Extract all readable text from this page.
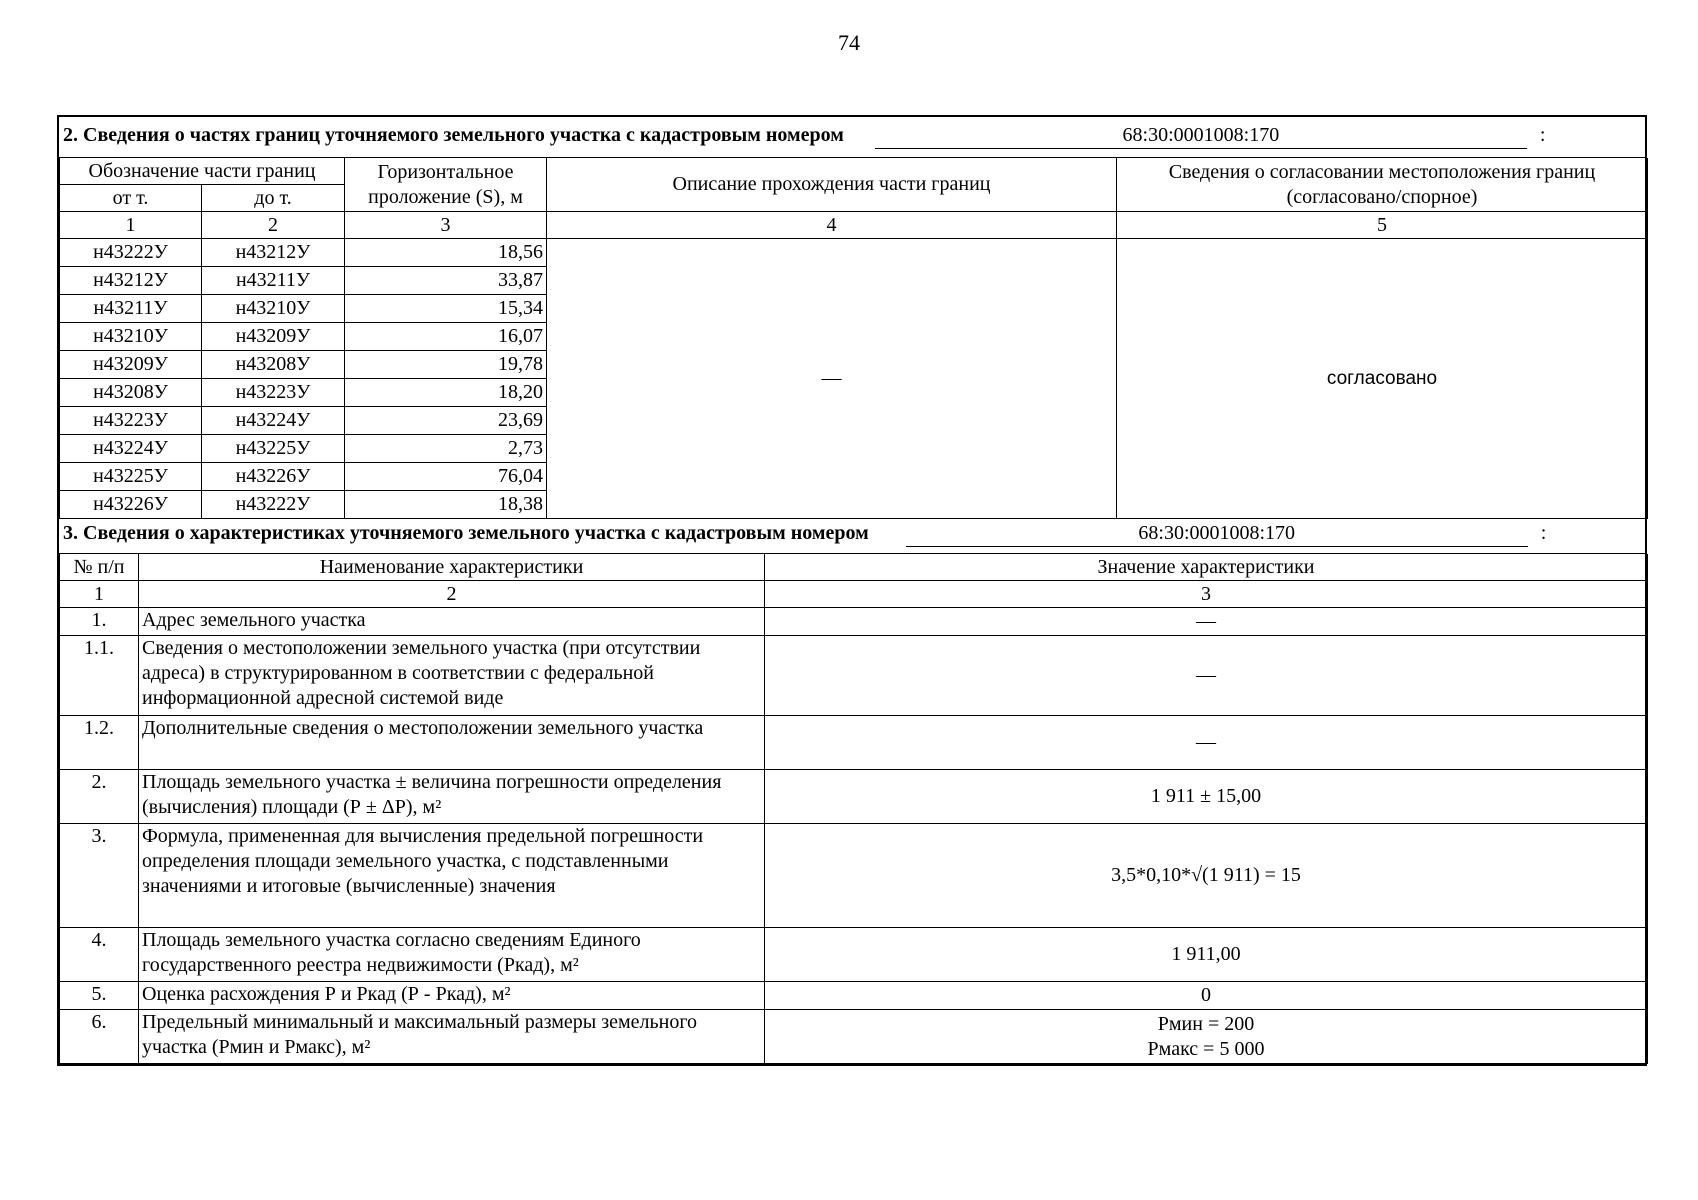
74
2. Сведения о частях границ уточняемого земельного участка с кадастровым номером	68:30:0001008:170	:
Обозначение части границ		Горизонтальное проложение (S), м	Описание прохождения части границ	Сведения о согласовании местоположения границ (согласовано/спорное)
от т.	до т.			
1	2	3	4	5
н43222У	н43212У	18,56	—	согласовано
н43212У	н43211У	33,87		
н43211У	н43210У	15,34		
н43210У	н43209У	16,07		
н43209У	н43208У	19,78		
н43208У	н43223У	18,20		
н43223У	н43224У	23,69		
н43224У	н43225У	2,73		
н43225У	н43226У	76,04		
н43226У	н43222У	18,38		
3. Сведения о характеристиках уточняемого земельного участка с кадастровым номером	68:30:0001008:170	:
№ п/п	Наименование характеристики	Значение характеристики
1	2	3
1.	Адрес земельного участка	—
1.1.	Сведения о местоположении земельного участка (при отсутствии адреса) в структурированном в соответствии с федеральной информационной адресной системой виде	—
1.2.	Дополнительные сведения о местоположении земельного участка	—
2.	Площадь земельного участка ± величина погрешности определения (вычисления) площади (Р ± ΔР), м²	1 911 ± 15,00
3.	Формула, примененная для вычисления предельной погрешности определения площади земельного участка, с подставленными значениями и итоговые (вычисленные) значения	3,5*0,10*√(1 911) = 15
4.	Площадь земельного участка согласно сведениям Единого государственного реестра недвижимости (Ркад), м²	1 911,00
5.	Оценка расхождения Р и Ркад (Р - Ркад), м²	0
6.	Предельный минимальный и максимальный размеры земельного участка (Рмин и Рмакс), м²	Рмин = 200
Рмакс = 5 000
